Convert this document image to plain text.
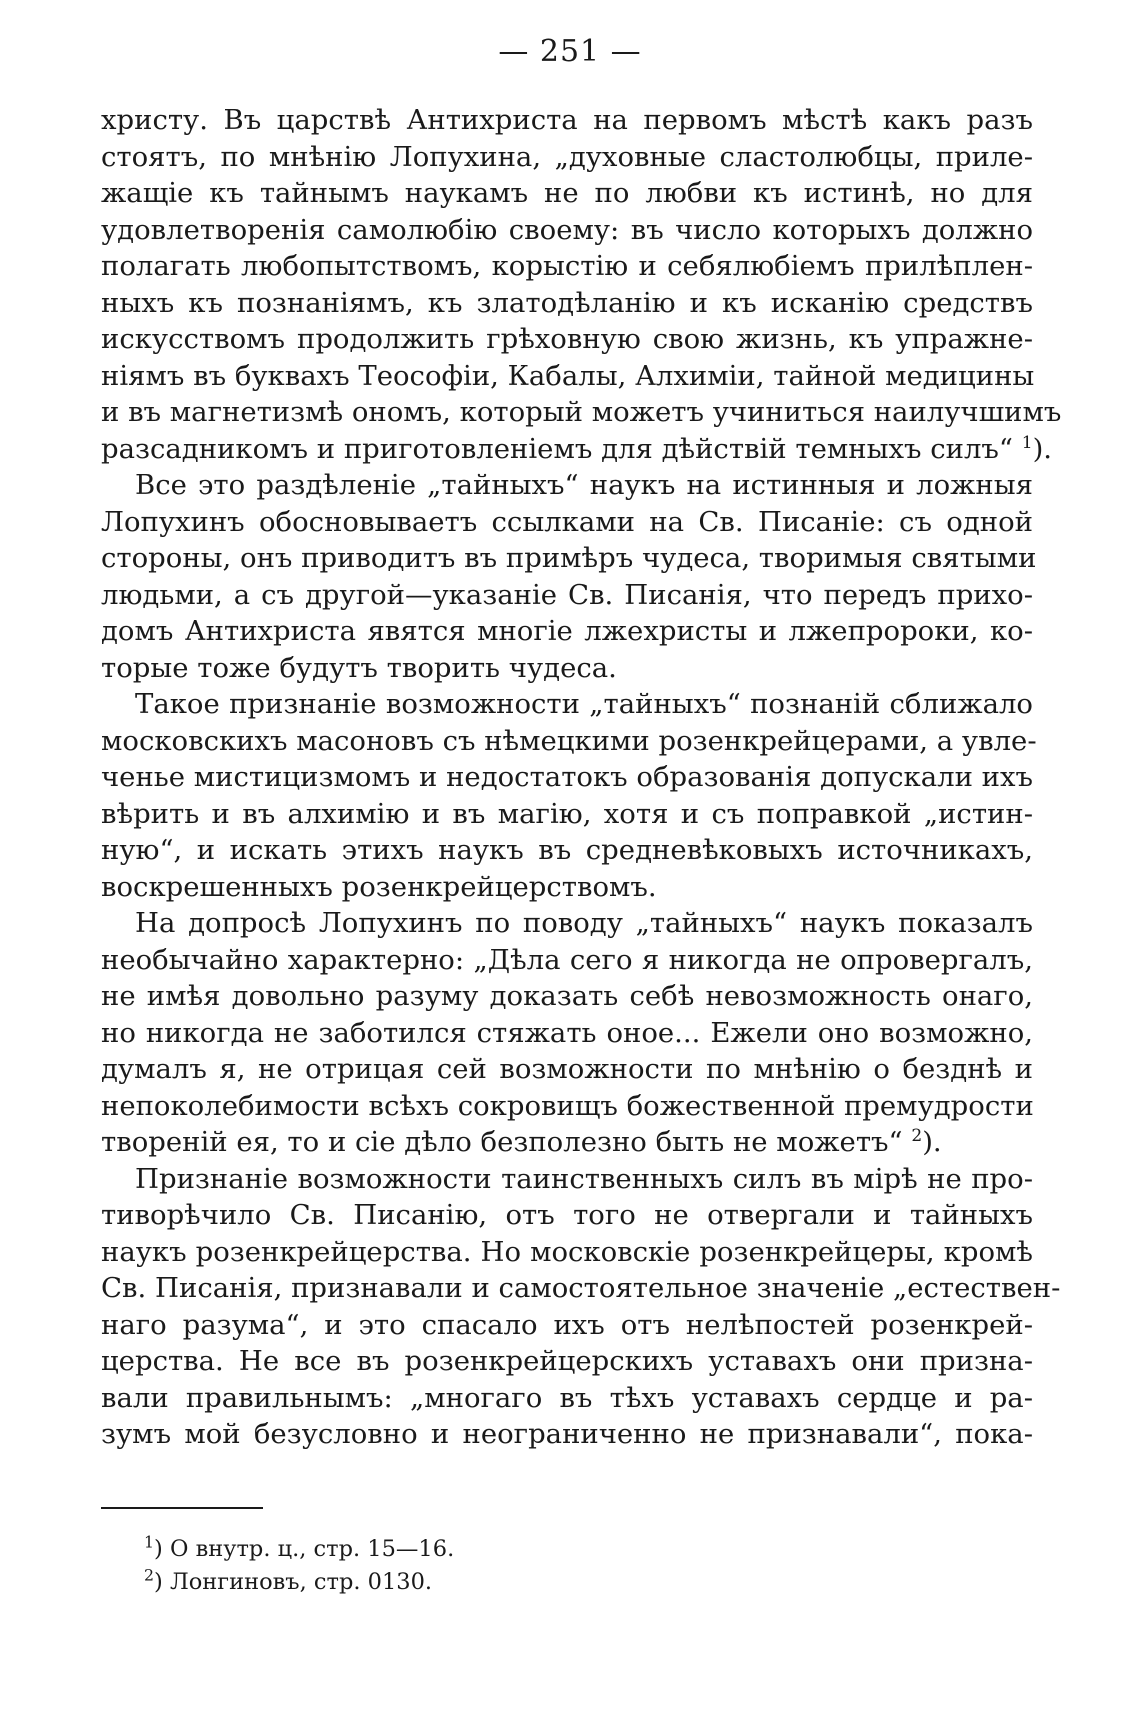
— 251 —
христу. Въ царствѣ Антихриста на первомъ мѣстѣ какъ разъ
стоятъ, по мнѣнію Лопухина, „духовные сластолюбцы, приле-
жащіе къ тайнымъ наукамъ не по любви къ истинѣ, но для
удовлетворенія самолюбію своему: въ число которыхъ должно
полагать любопытствомъ, корыстію и себялюбіемъ прилѣплен-
ныхъ къ познаніямъ, къ златодѣланію и къ исканію средствъ
искусствомъ продолжить грѣховную свою жизнь, къ упражне-
ніямъ въ буквахъ Теософіи, Кабалы, Алхиміи, тайной медицины
и въ магнетизмѣ ономъ, который можетъ учиниться наилучшимъ
разсадникомъ и приготовленіемъ для дѣйствій темныхъ силъ“ $^1$).
Все это раздѣленіе „тайныхъ“ наукъ на истинныя и ложныя
Лопухинъ обосновываетъ ссылками на Св. Писаніе: съ одной
стороны, онъ приводитъ въ примѣръ чудеса, творимыя святыми
людьми, а съ другой—указаніе Св. Писанія, что передъ прихо-
домъ Антихриста явятся многіе лжехристы и лжепророки, ко-
торые тоже будутъ творить чудеса.
Такое признаніе возможности „тайныхъ“ познаній сближало
московскихъ масоновъ съ нѣмецкими розенкрейцерами, а увле-
ченье мистицизмомъ и недостатокъ образованія допускали ихъ
вѣрить и въ алхимію и въ магію, хотя и съ поправкой „истин-
ную“, и искать этихъ наукъ въ средневѣковыхъ источникахъ,
воскрешенныхъ розенкрейцерствомъ.
На допросѣ Лопухинъ по поводу „тайныхъ“ наукъ показалъ
необычайно характерно: „Дѣла сего я никогда не опровергалъ,
не имѣя довольно разуму доказать себѣ невозможность онаго,
но никогда не заботился стяжать оное... Ежели оно возможно,
думалъ я, не отрицая сей возможности по мнѣнію о безднѣ и
непоколебимости всѣхъ сокровищъ божественной премудрости
твореній ея, то и сіе дѣло безполезно быть не можетъ“ $^2$).
Признаніе возможности таинственныхъ силъ въ мірѣ не про-
тиворѣчило Св. Писанію, отъ того не отвергали и тайныхъ
наукъ розенкрейцерства. Но московскіе розенкрейцеры, кромѣ
Св. Писанія, признавали и самостоятельное значеніе „естествен-
наго разума“, и это спасало ихъ отъ нелѣпостей розенкрей-
церства. Не все въ розенкрейцерскихъ уставахъ они призна-
вали правильнымъ: „многаго въ тѣхъ уставахъ сердце и ра-
зумъ мой безусловно и неограниченно не признавали“, пока-
$^1$) О внутр. ц., стр. 15—16.
$^2$) Лонгиновъ, стр. 0130.
